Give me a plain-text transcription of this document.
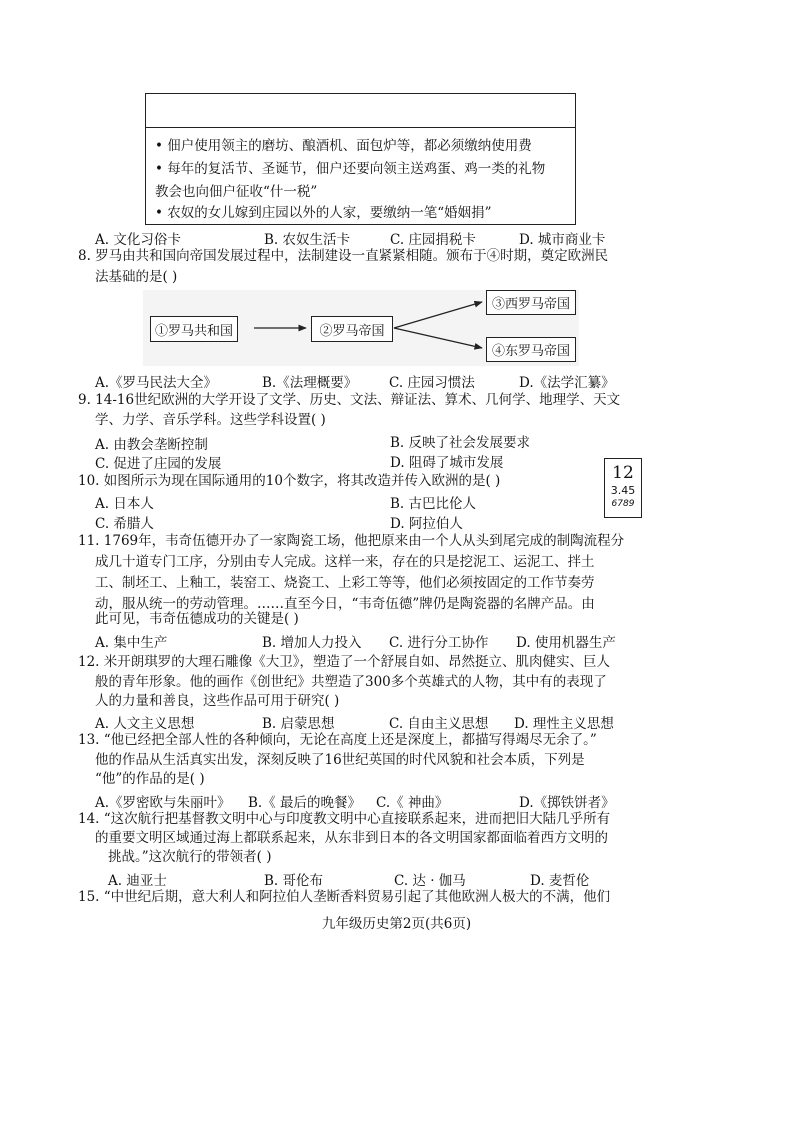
• 佃户使用领主的磨坊、酿酒机、面包炉等，都必须缴纳使用费
• 每年的复活节、圣诞节，佃户还要向领主送鸡蛋、鸡一类的礼物
教会也向佃户征收“什一税”
• 农奴的女儿嫁到庄园以外的人家，要缴纳一笔“婚姻捐”
A. 文化习俗卡	B. 农奴生活卡	C. 庄园捐税卡	D. 城市商业卡
8. 罗马由共和国向帝国发展过程中，法制建设一直紧紧相随。颁布于④时期，奠定欧洲民
法基础的是( )
①罗马共和国	②罗马帝国
③西罗马帝国
④东罗马帝国
A.《罗马民法大全》	B.《法理概要》 C. 庄园习惯法	D.《法学汇纂》
9. 14-16世纪欧洲的大学开设了文学、历史、文法、辩证法、算术、几何学、地理学、天文
学、力学、音乐学科。这些学科设置( )
A. 由教会垄断控制	B. 反映了社会发展要求
C. 促进了庄园的发展	D. 阻碍了城市发展
10. 如图所示为现在国际通用的10个数字，将其改造并传入欧洲的是( )	12
3.45
6789
A. 日本人	B. 古巴比伦人
C. 希腊人	D. 阿拉伯人
11. 1769年，韦奇伍德开办了一家陶瓷工场，他把原来由一个人从头到尾完成的制陶流程分
成几十道专门工序，分别由专人完成。这样一来，存在的只是挖泥工、运泥工、拌土
工、制坯工、上釉工，装窑工、烧瓷工、上彩工等等，他们必须按固定的工作节奏劳
动，服从统一的劳动管理。……直至今日，“韦奇伍德”牌仍是陶瓷器的名牌产品。由
此可见，韦奇伍德成功的关键是( )
A. 集中生产	B. 增加人力投入 C. 进行分工协作 D. 使用机器生产
12. 米开朗琪罗的大理石雕像《大卫》，塑造了一个舒展自如、昂然挺立、肌肉健实、巨人
般的青年形象。他的画作《创世纪》共塑造了300多个英雄式的人物，其中有的表现了
人的力量和善良，这些作品可用于研究( )
A. 人文主义思想	B. 启蒙思想	C. 自由主义思想 D. 理性主义思想
13. “他已经把全部人性的各种倾向，无论在高度上还是深度上，都描写得竭尽无余了。”
他的作品从生活真实出发，深刻反映了16世纪英国的时代风貌和社会本质，下列是
“他”的作品的是( )
A.《罗密欧与朱丽叶》 B.《 最后的晚餐》 C.《 神曲》	D.《掷铁饼者》
14. “这次航行把基督教文明中心与印度教文明中心直接联系起来，进而把旧大陆几乎所有
的重要文明区域通过海上都联系起来，从东非到日本的各文明国家都面临着西方文明的
挑战。”这次航行的带领者( )
A. 迪亚士	B. 哥伦布	C. 达 · 伽马	D. 麦哲伦
15. “中世纪后期，意大利人和阿拉伯人垄断香料贸易引起了其他欧洲人极大的不满，他们
九年级历史第2页(共6页)
